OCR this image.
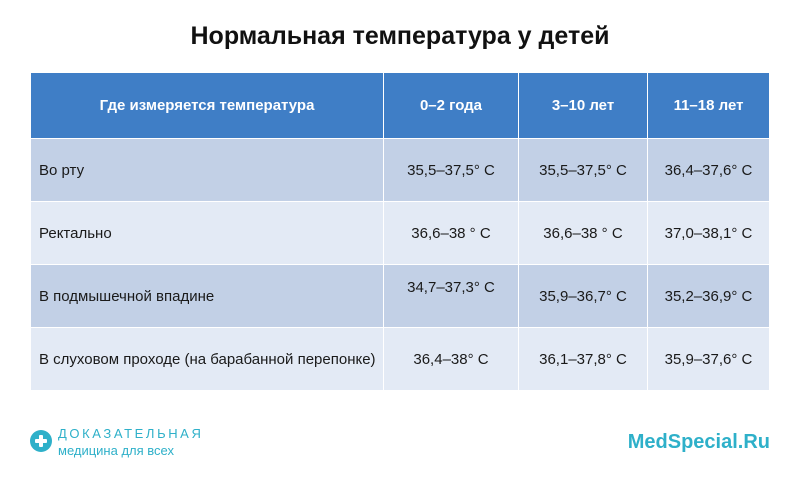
Нормальная температура у детей
Где измеряется температура	0–2 года	3–10 лет	11–18 лет
Во рту	35,5–37,5° С	35,5–37,5° С	36,4–37,6° С
Ректально	36,6–38 ° С	36,6–38 ° С	37,0–38,1° С
В подмышечной впадине	34,7–37,3° С	35,9–36,7° С	35,2–36,9° С
В слуховом проходе (на барабанной перепонке)	36,4–38° С	36,1–37,8° С	35,9–37,6° С
ДОКАЗАТЕЛЬНАЯ
медицина для всех	MedSpecial.Ru
